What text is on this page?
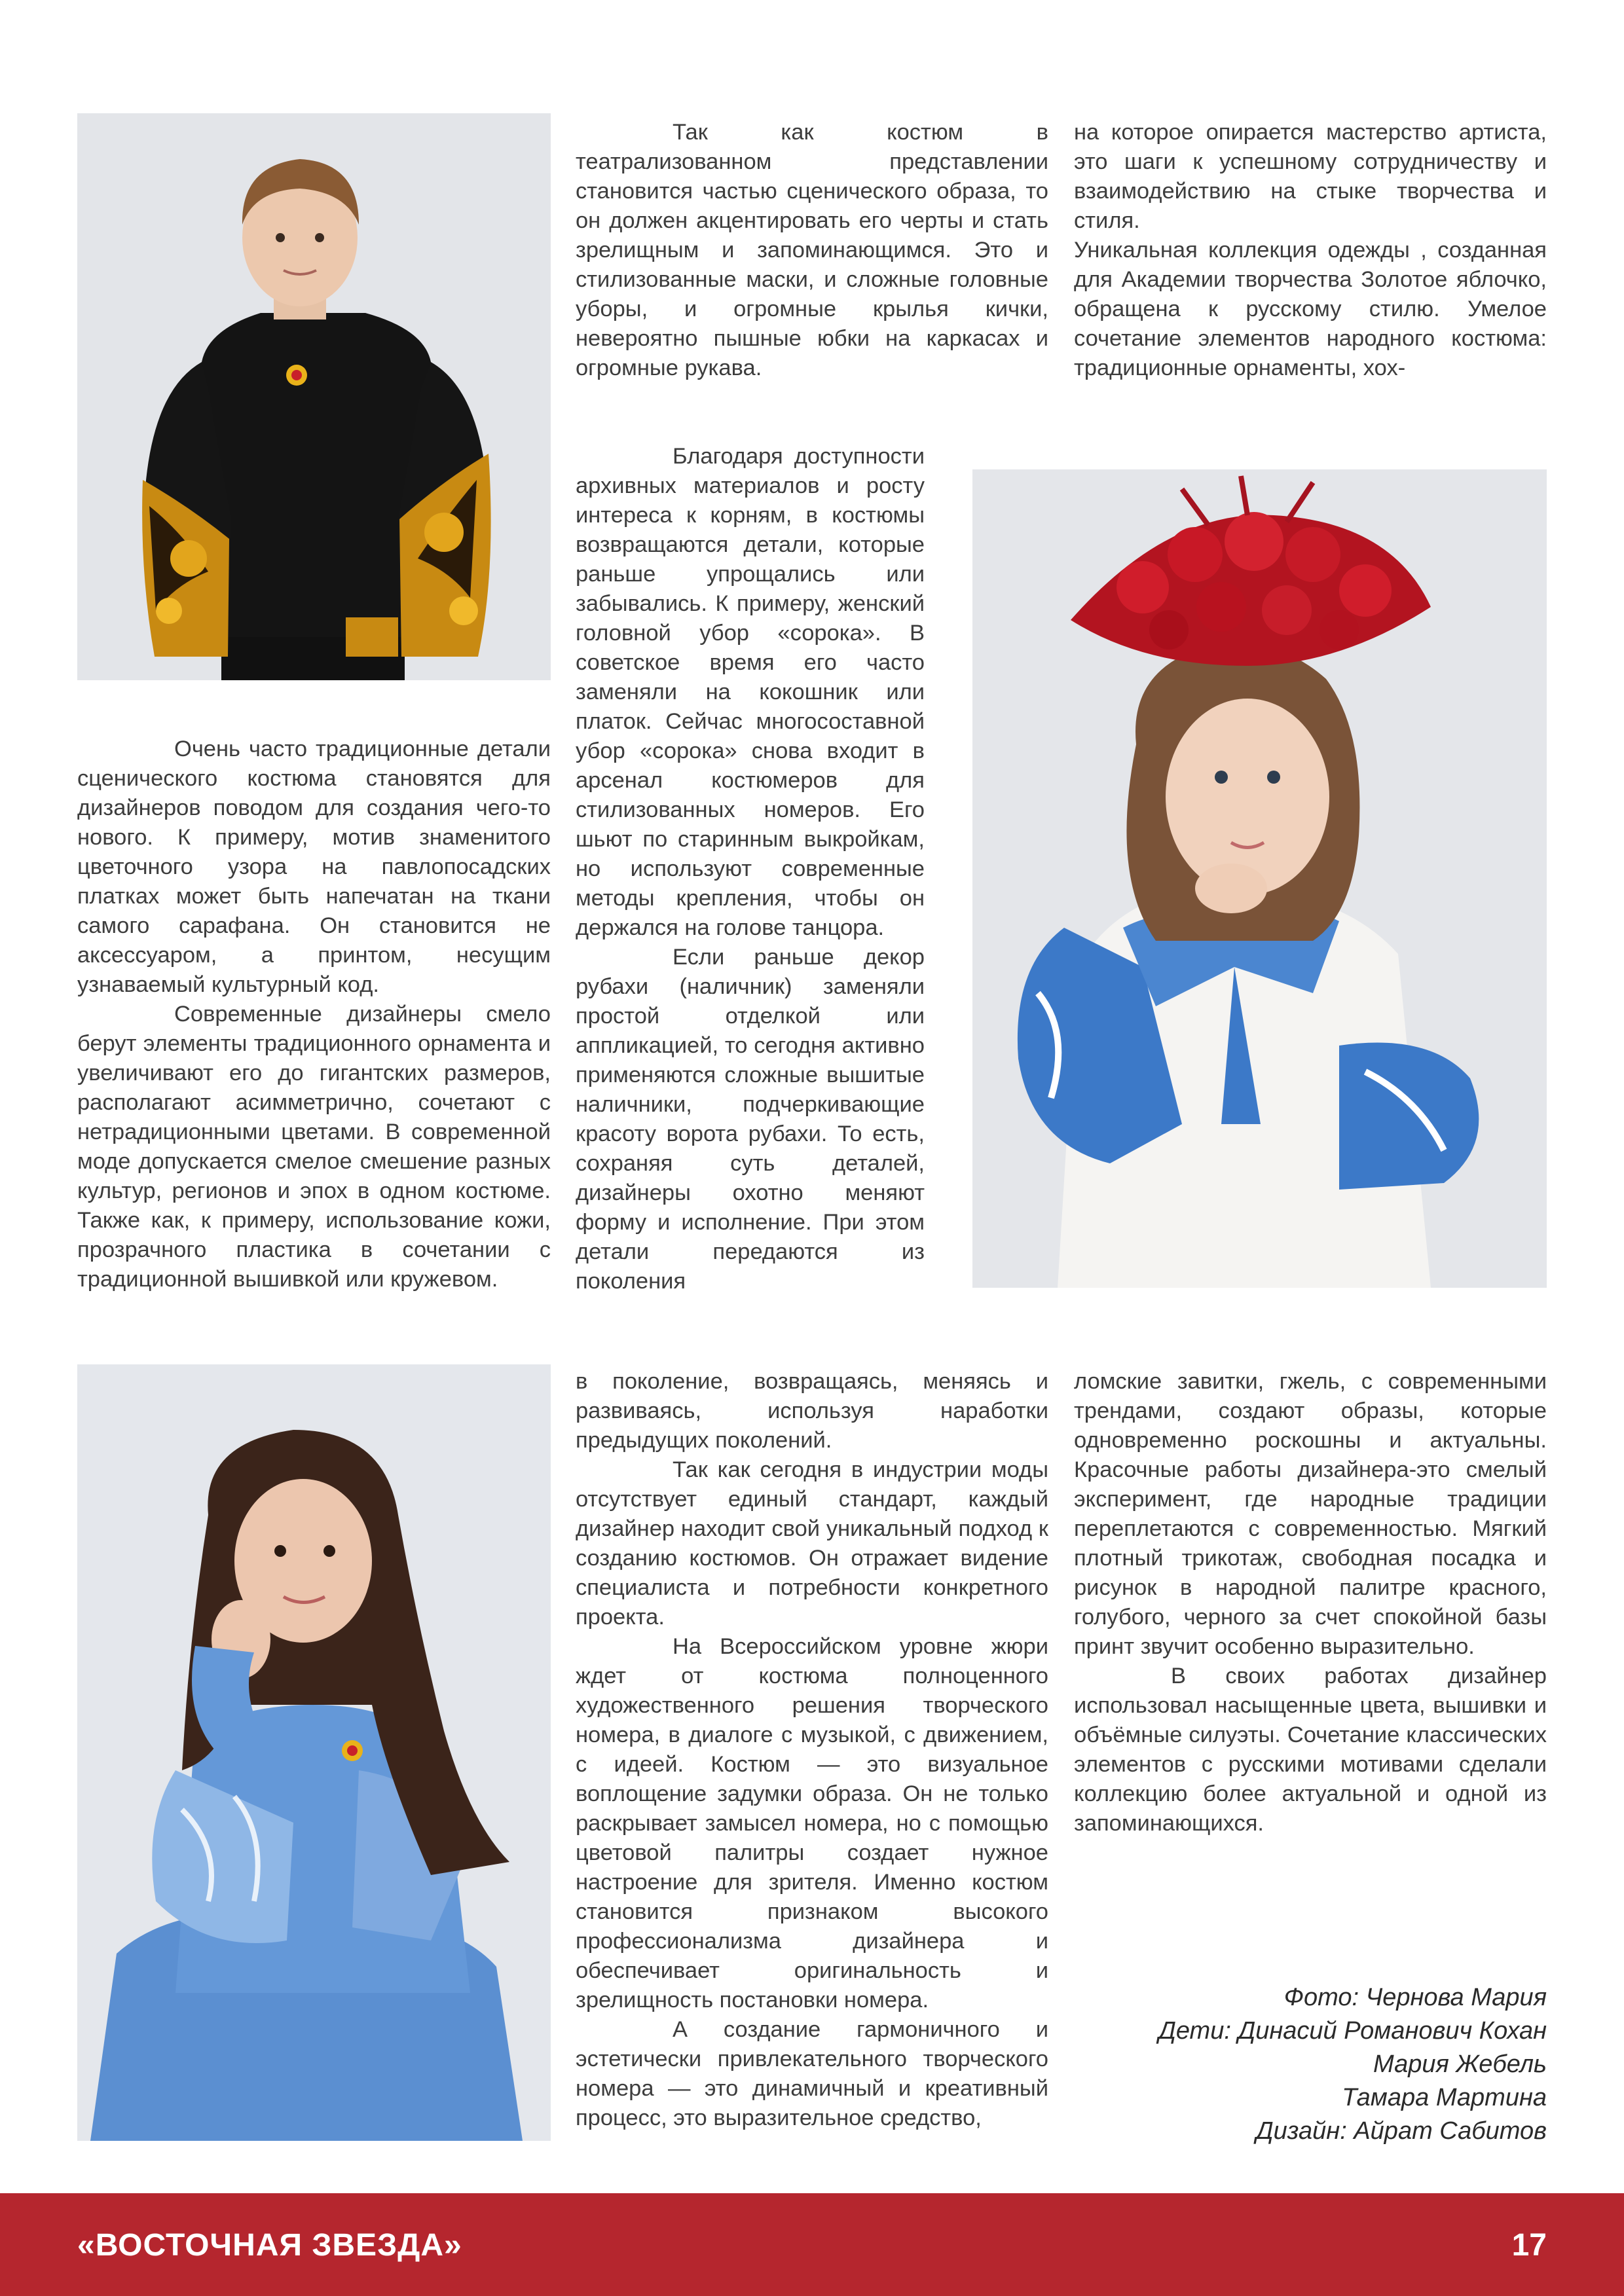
Так как костюм в театрализованном представлении становится частью сценического образа, то он должен акцентировать его черты и стать зрелищным и запоминающимся. Это и стилизованные маски, и сложные головные уборы, и огромные крылья кички, невероятно пышные юбки на каркасах и огромные рукава.

на которое опирается мастерство артиста, это шаги к успешному сотрудничеству и взаимодействию на стыке творчества и стиля.

Уникальная коллекция одежды , созданная для Академии творчества Золотое яблочко, обращена к русскому стилю. Умелое сочетание элементов народного костюма: традиционные орнаменты, хох-

Очень часто традиционные детали сценического костюма становятся для дизайнеров поводом для создания чего-то нового. К примеру, мотив знаменитого цветочного узора на павлопосадских платках может быть напечатан на ткани самого сарафана. Он становится не аксессуаром, а принтом, несущим узнаваемый культурный код.

Современные дизайнеры смело берут элементы традиционного орнамента и увеличивают его до гигантских размеров, располагают асимметрично, сочетают с нетрадиционными цветами. В современной моде допускается смелое смешение разных культур, регионов и эпох в одном костюме. Также как, к примеру, использование кожи, прозрачного пластика в сочетании с традиционной вышивкой или кружевом.

Благодаря доступности архивных материалов и росту интереса к корням, в костюмы возвращаются детали, которые раньше упрощались или забывались. К примеру, женский головной убор «сорока». В советское время его часто заменяли на кокошник или платок. Сейчас многосоставной убор «сорока» снова входит в арсенал костюмеров для стилизованных номеров. Его шьют по старинным выкройкам, но используют современные методы крепления, чтобы он держался на голове танцора.

Если раньше декор рубахи (наличник) заменяли простой отделкой или аппликацией, то сегодня активно применяются сложные вышитые наличники, подчеркивающие красоту ворота рубахи. То есть, сохраняя суть деталей, дизайнеры охотно меняют форму и исполнение. При этом детали передаются из поколения

в поколение, возвращаясь, меняясь и развиваясь, используя наработки предыдущих поколений.

Так как сегодня в индустрии моды отсутствует единый стандарт, каждый дизайнер находит свой уникальный подход к созданию костюмов. Он отражает видение специалиста и потребности конкретного проекта.

На Всероссийском уровне жюри ждет от костюма полноценного художественного решения творческого номера, в диалоге с музыкой, с движением, с идеей. Костюм — это визуальное воплощение задумки образа. Он не только раскрывает замысел номера, но с помощью цветовой палитры создает нужное настроение для зрителя. Именно костюм становится признаком высокого профессионализма дизайнера и обеспечивает оригинальность и зрелищность постановки номера.

А создание гармоничного и эстетически привлекательного творческого номера — это динамичный и креативный процесс, это выразительное средство,

ломские завитки, гжель, с современными трендами, создают образы, которые одновременно роскошны и актуальны. Красочные работы дизайнера-это смелый эксперимент, где народные традиции переплетаются с современностью. Мягкий плотный трикотаж, свободная посадка и рисунок в народной палитре красного, голубого, черного за счет спокойной базы принт звучит особенно выразительно.

В своих работах дизайнер использовал насыщенные цвета, вышивки и объёмные силуэты. Сочетание классических элементов с русскими мотивами сделали коллекцию более актуальной и одной из запоминающихся.

Фото: Чернова Мария
Дети: Динасий Романович Кохан
Мария Жебель
Тамара Мартина
Дизайн: Айрат Сабитов
«ВОСТОЧНАЯ ЗВЕЗДА»	17
